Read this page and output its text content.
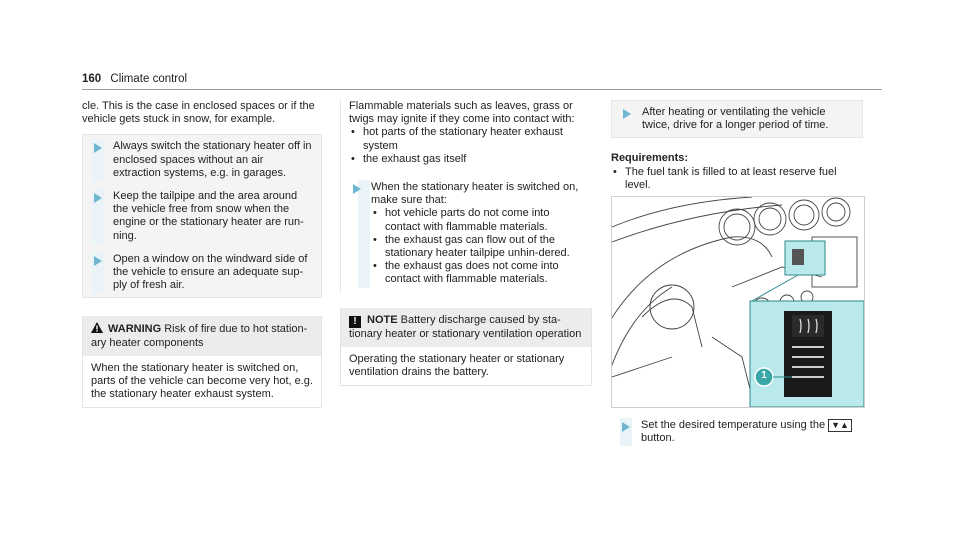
160 Climate control

cle. This is the case in enclosed spaces or if the vehicle gets stuck in snow, for example.

Always switch the stationary heater off in enclosed spaces without an air extraction systems, e.g. in garages.

Keep the tailpipe and the area around the vehicle free from snow when the engine or the stationary heater are run-ning.

Open a window on the windward side of the vehicle to ensure an adequate sup-ply of fresh air.

WARNING Risk of fire due to hot station-ary heater components

When the stationary heater is switched on, parts of the vehicle can become very hot, e.g. the stationary heater exhaust system.

Flammable materials such as leaves, grass or twigs may ignite if they come into contact with:

• hot parts of the stationary heater exhaust system

• the exhaust gas itself

When the stationary heater is switched on, make sure that:

• hot vehicle parts do not come into contact with flammable materials.

• the exhaust gas can flow out of the stationary heater tailpipe unhin-dered.

• the exhaust gas does not come into contact with flammable materials.

! NOTE Battery discharge caused by sta-tionary heater or stationary ventilation operation

Operating the stationary heater or stationary ventilation drains the battery.

After heating or ventilating the vehicle twice, drive for a longer period of time.

Requirements:

• The fuel tank is filled to at least reserve fuel level.

1

Set the desired temperature using the ▼▲
button.
